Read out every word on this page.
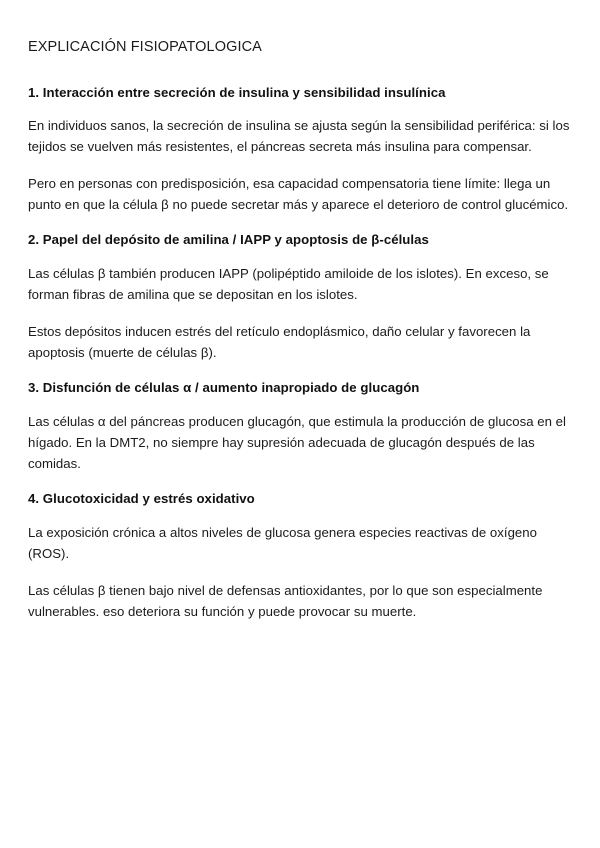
EXPLICACIÓN FISIOPATOLOGICA
1. Interacción entre secreción de insulina y sensibilidad insulínica

En individuos sanos, la secreción de insulina se ajusta según la sensibilidad periférica: si los tejidos se vuelven más resistentes, el páncreas secreta más insulina para compensar.

Pero en personas con predisposición, esa capacidad compensatoria tiene límite: llega un punto en que la célula β no puede secretar más y aparece el deterioro de control glucémico.

2. Papel del depósito de amilina / IAPP y apoptosis de β-células

Las células β también producen IAPP (polipéptido amiloide de los islotes). En exceso, se forman fibras de amilina que se depositan en los islotes.

Estos depósitos inducen estrés del retículo endoplásmico, daño celular y favorecen la apoptosis (muerte de células β).

3. Disfunción de células α / aumento inapropiado de glucagón

Las células α del páncreas producen glucagón, que estimula la producción de glucosa en el hígado. En la DMT2, no siempre hay supresión adecuada de glucagón después de las comidas.

4. Glucotoxicidad y estrés oxidativo

La exposición crónica a altos niveles de glucosa genera especies reactivas de oxígeno (ROS).

Las células β tienen bajo nivel de defensas antioxidantes, por lo que son especialmente vulnerables. eso deteriora su función y puede provocar su muerte.
